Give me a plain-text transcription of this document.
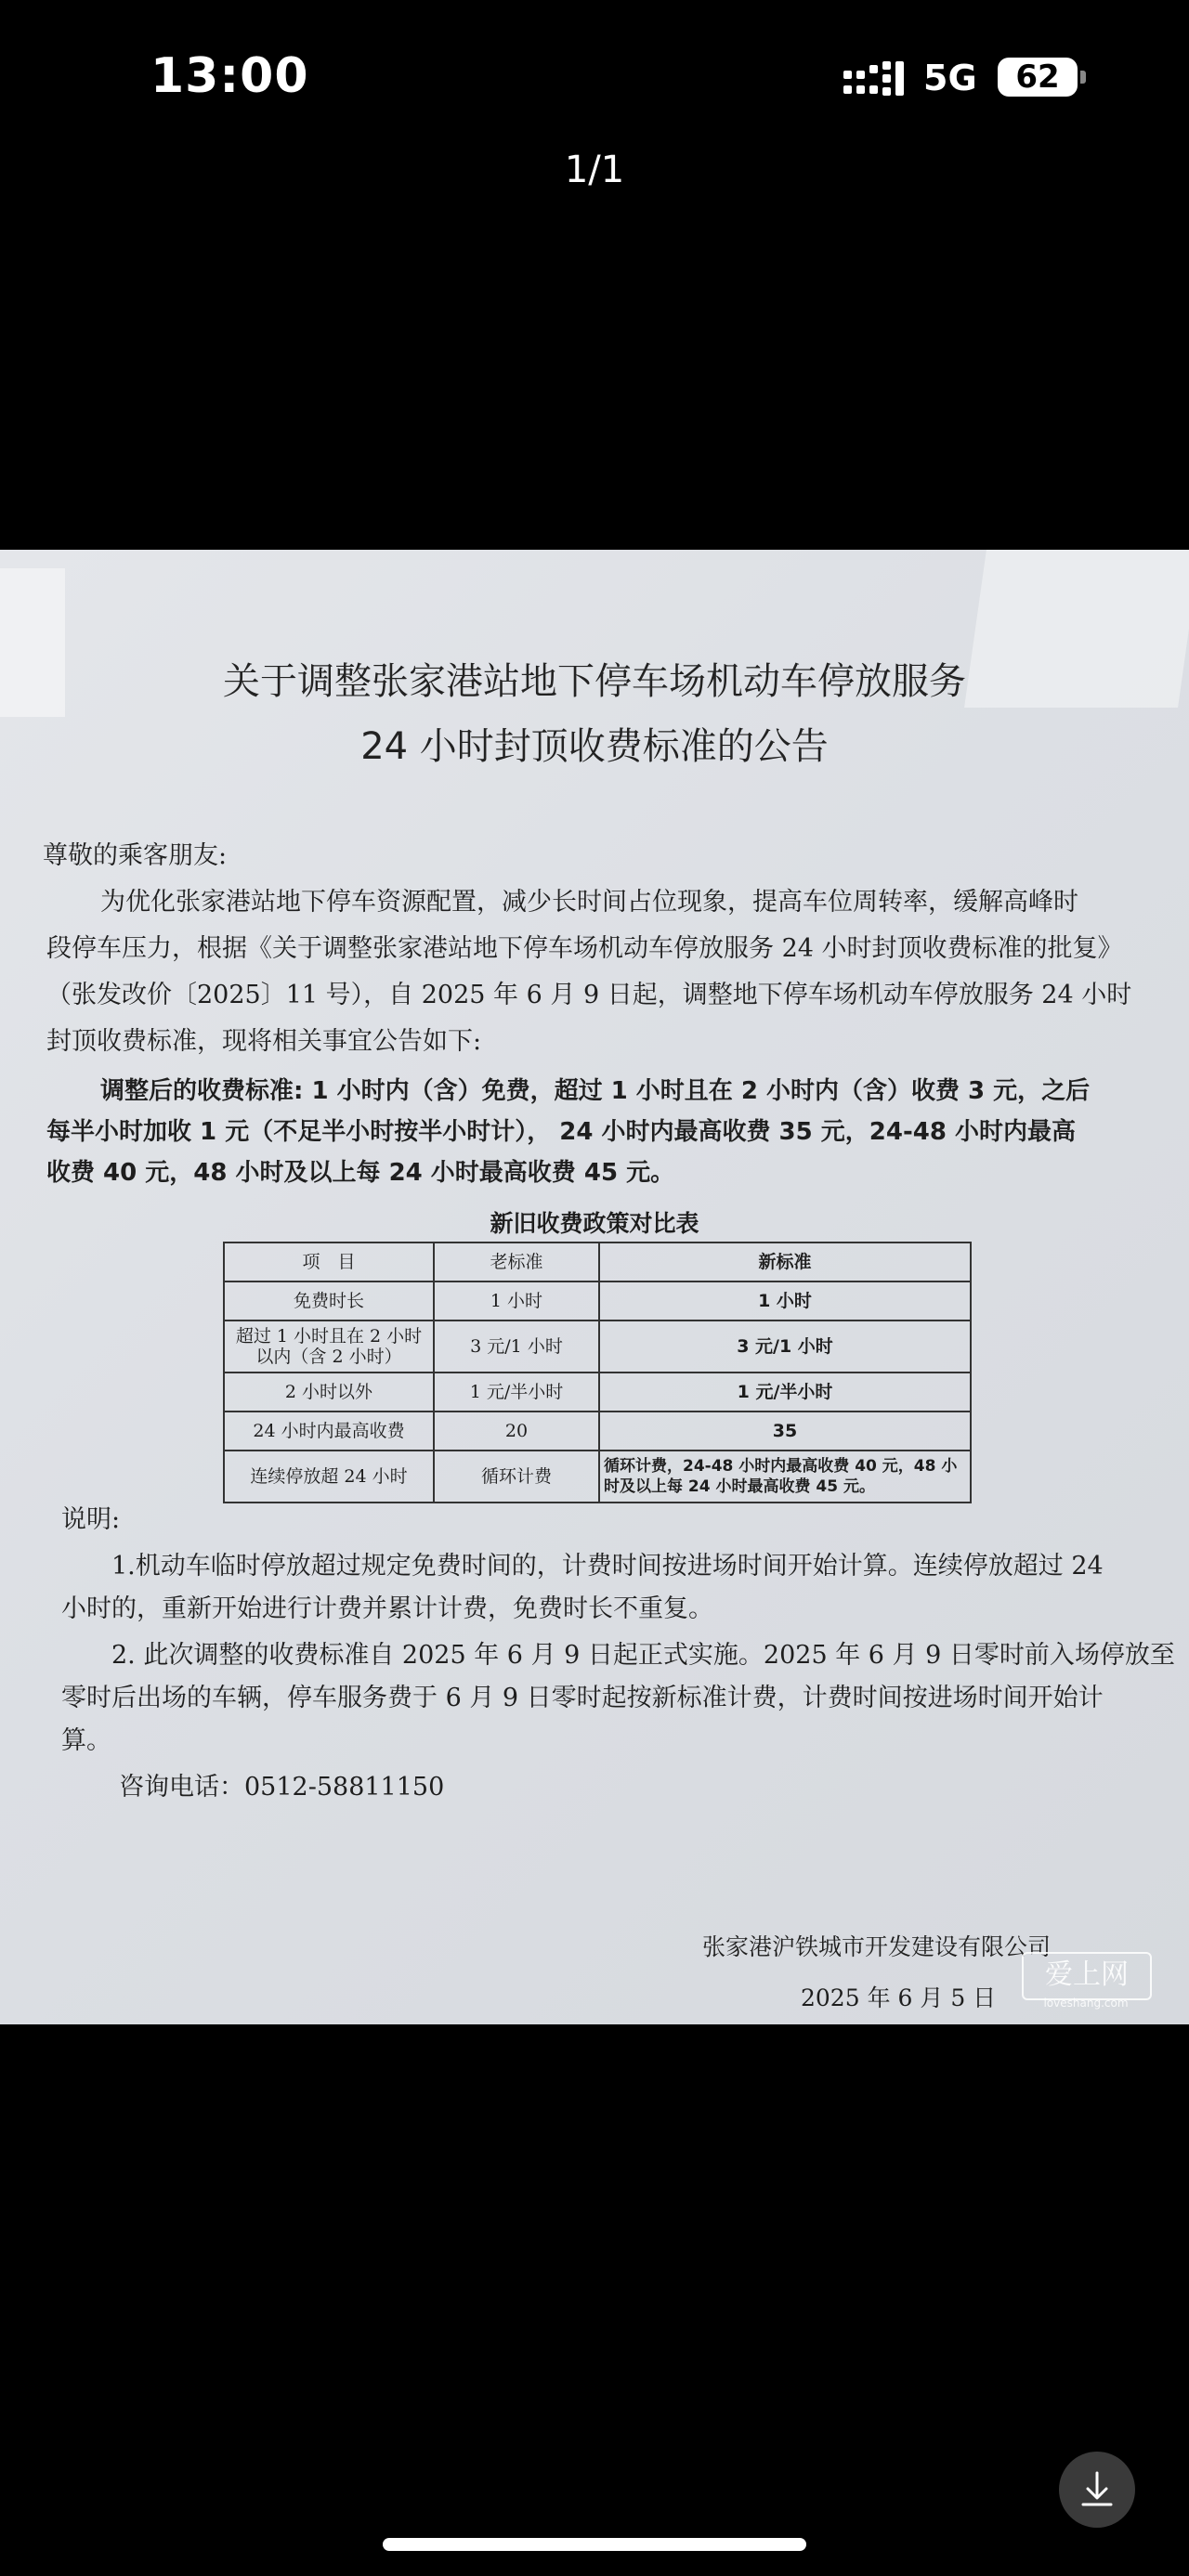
13:00	5G	62
1/1
关于调整张家港站地下停车场机动车停放服务
24 小时封顶收费标准的公告
尊敬的乘客朋友:
为优化张家港站地下停车资源配置，减少长时间占位现象，提高车位周转率，缓解高峰时
段停车压力，根据《关于调整张家港站地下停车场机动车停放服务 24 小时封顶收费标准的批复》
（张发改价〔2025〕11 号），自 2025 年 6 月 9 日起，调整地下停车场机动车停放服务 24 小时
封顶收费标准，现将相关事宜公告如下:
调整后的收费标准: 1 小时内（含）免费，超过 1 小时且在 2 小时内（含）收费 3 元，之后
每半小时加收 1 元（不足半小时按半小时计）， 24 小时内最高收费 35 元，24-48 小时内最高
收费 40 元，48 小时及以上每 24 小时最高收费 45 元。
新旧收费政策对比表
项　目	老标准	新标准
免费时长	1 小时	1 小时
超过 1 小时且在 2 小时以内（含 2 小时）	3 元/1 小时	3 元/1 小时
2 小时以外	1 元/半小时	1 元/半小时
24 小时内最高收费	20	35
连续停放超 24 小时	循环计费	循环计费，24-48 小时内最高收费 40 元，48 小时及以上每 24 小时最高收费 45 元。
说明:
1.机动车临时停放超过规定免费时间的，计费时间按进场时间开始计算。连续停放超过 24
小时的，重新开始进行计费并累计计费，免费时长不重复。
2. 此次调整的收费标准自 2025 年 6 月 9 日起正式实施。2025 年 6 月 9 日零时前入场停放至
零时后出场的车辆，停车服务费于 6 月 9 日零时起按新标准计费，计费时间按进场时间开始计
算。
咨询电话：0512-58811150
张家港沪铁城市开发建设有限公司
2025 年 6 月 5 日
爱上网
loveshang.com
